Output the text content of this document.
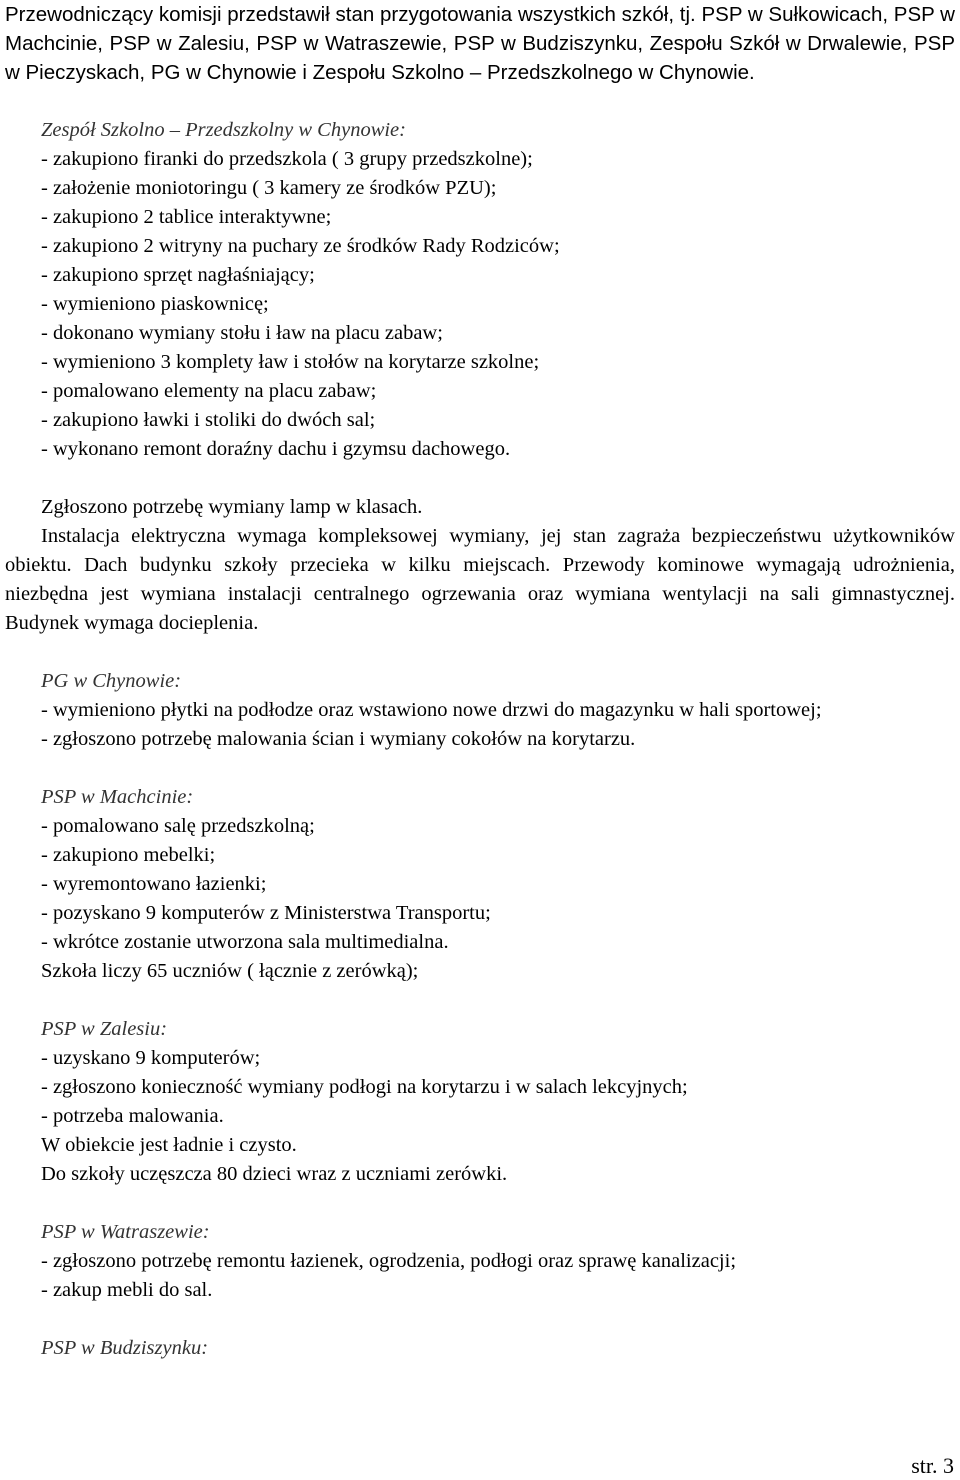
Przewodniczący komisji przedstawił stan przygotowania wszystkich szkół, tj. PSP w Sułkowicach, PSP w Machcinie, PSP w Zalesiu, PSP w Watraszewie, PSP w Budziszynku, Zespołu Szkół w Drwalewie, PSP w Pieczyskach, PG w Chynowie i Zespołu Szkolno – Przedszkolnego w Chynowie.

Zespół Szkolno – Przedszkolny w Chynowie:

- zakupiono firanki do przedszkola ( 3 grupy przedszkolne);

- założenie moniotoringu ( 3 kamery ze środków PZU);

- zakupiono 2 tablice interaktywne;

- zakupiono 2 witryny na puchary ze środków Rady Rodziców;

- zakupiono sprzęt nagłaśniający;

- wymieniono piaskownicę;

- dokonano wymiany stołu i ław na placu zabaw;

- wymieniono 3 komplety ław i stołów na korytarze szkolne;

- pomalowano elementy na placu zabaw;

- zakupiono ławki i stoliki do dwóch sal;

- wykonano remont doraźny dachu i gzymsu dachowego.

Zgłoszono potrzebę wymiany lamp w klasach.

Instalacja elektryczna wymaga kompleksowej wymiany, jej stan zagraża bezpieczeństwu użytkowników obiektu. Dach budynku szkoły przecieka w kilku miejscach. Przewody kominowe wymagają udrożnienia, niezbędna jest wymiana instalacji centralnego ogrzewania oraz wymiana wentylacji na sali gimnastycznej. Budynek wymaga docieplenia.

PG w Chynowie:

- wymieniono płytki na podłodze oraz wstawiono nowe drzwi do magazynku w hali sportowej;

- zgłoszono potrzebę malowania ścian i wymiany cokołów na korytarzu.

PSP w Machcinie:

- pomalowano salę przedszkolną;

- zakupiono mebelki;

- wyremontowano łazienki;

- pozyskano 9 komputerów z Ministerstwa Transportu;

- wkrótce zostanie utworzona sala multimedialna.

Szkoła liczy 65 uczniów ( łącznie z zerówką);

PSP w Zalesiu:

- uzyskano 9 komputerów;

- zgłoszono konieczność wymiany podłogi na korytarzu i w salach lekcyjnych;

- potrzeba malowania.

W obiekcie jest ładnie i czysto.

Do szkoły uczęszcza 80 dzieci wraz z uczniami zerówki.

PSP w Watraszewie:

- zgłoszono potrzebę remontu łazienek, ogrodzenia, podłogi oraz sprawę kanalizacji;

- zakup mebli do sal.

PSP w Budziszynku:

str. 3
